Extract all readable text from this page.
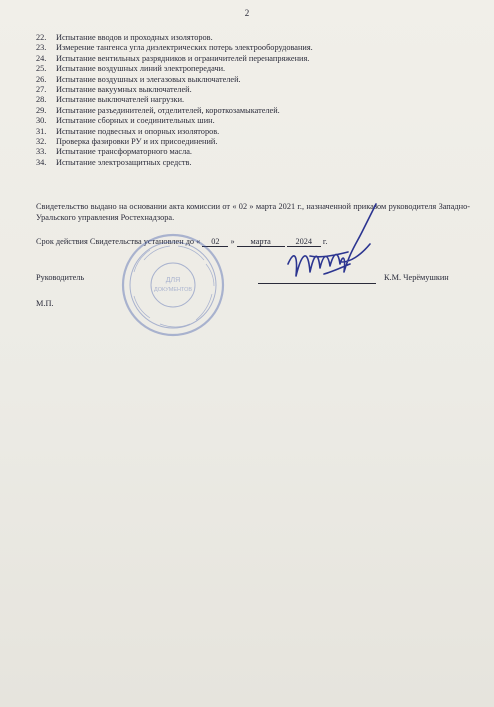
2
22.	Испытание вводов и проходных изоляторов.
23.	Измерение тангенса угла диэлектрических потерь электрооборудования.
24.	Испытание вентильных разрядников и ограничителей перенапряжения.
25.	Испытание воздушных линий электропередачи.
26.	Испытание воздушных и элегазовых выключателей.
27.	Испытание вакуумных выключателей.
28.	Испытание выключателей нагрузки.
29.	Испытание разъединителей, отделителей, короткозамыкателей.
30.	Испытание сборных и соединительных шин.
31.	Испытание подвесных и опорных изоляторов.
32.	Проверка фазировки РУ и их присоединений.
33.	Испытание трансформаторного масла.
34.	Испытание электрозащитных средств.

Свидетельство выдано на основании акта комиссии от « 02 » марта 2021 г., назначенной приказом руководителя Западно-Уральского управления Ростехнадзора.

Срок действия Свидетельства установлен до « 02 » марта	2024 г.
ДЛЯ
ДОКУМЕНТОВ
Руководитель	К.М. Черёмушкин
М.П.
